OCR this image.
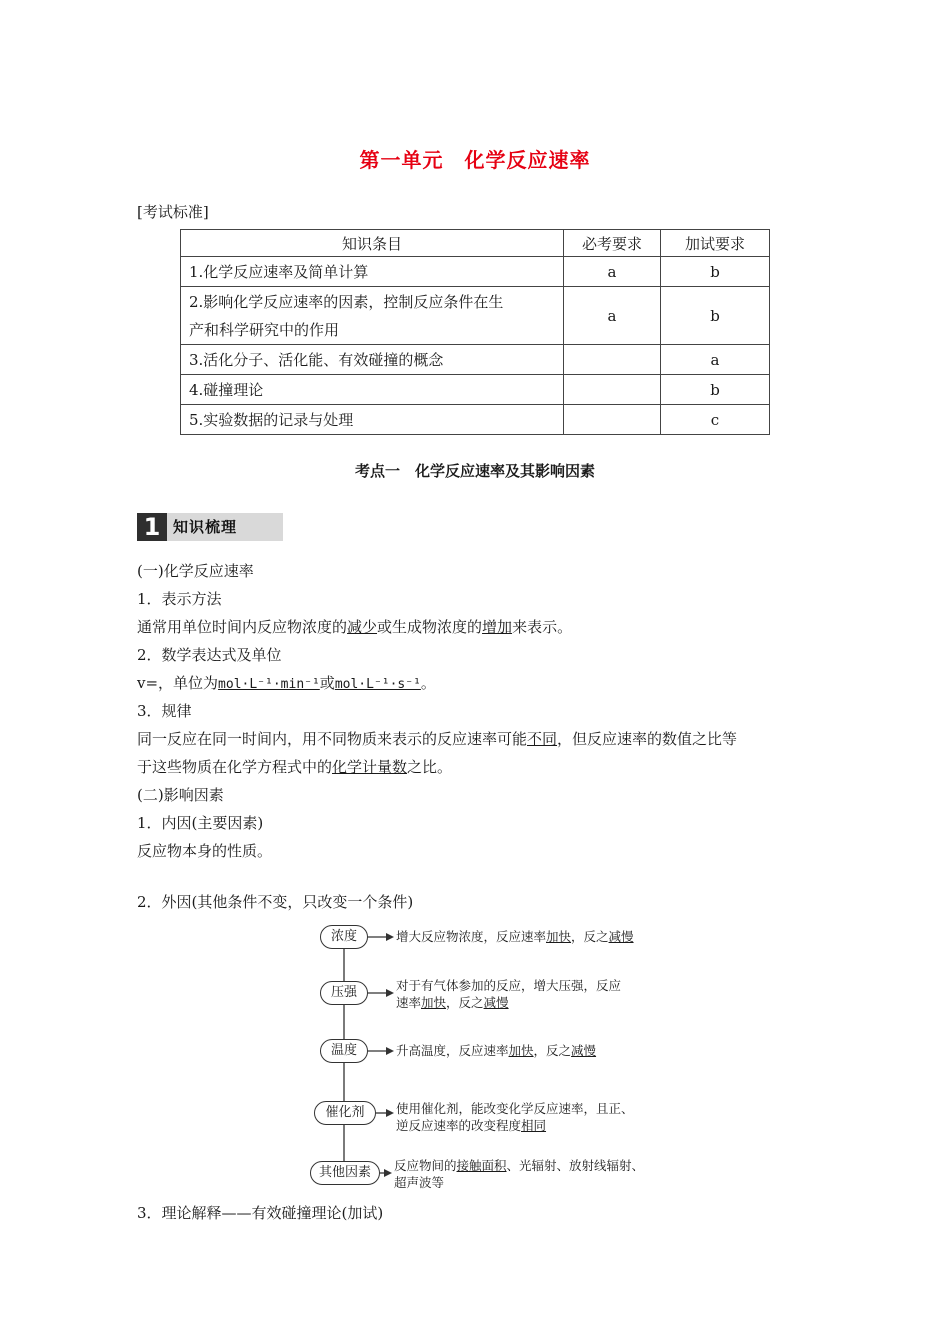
第一单元　化学反应速率
[考试标准]
知识条目	必考要求	加试要求
1.化学反应速率及简单计算	a	b
2.影响化学反应速率的因素，控制反应条件在生
产和科学研究中的作用	a	b
3.活化分子、活化能、有效碰撞的概念		a
4.碰撞理论		b
5.实验数据的记录与处理		c
考点一　化学反应速率及其影响因素
1 知识梳理
(一)化学反应速率
1．表示方法
通常用单位时间内反应物浓度的减少或生成物浓度的增加来表示。
2．数学表达式及单位
v=，单位为mol·L⁻¹·min⁻¹或mol·L⁻¹·s⁻¹。
3．规律
同一反应在同一时间内，用不同物质来表示的反应速率可能不同，但反应速率的数值之比等
于这些物质在化学方程式中的化学计量数之比。
(二)影响因素
1．内因(主要因素)
反应物本身的性质。
2．外因(其他条件不变，只改变一个条件)
浓度
压强
温度
催化剂
其他因素
增大反应物浓度，反应速率加快，反之减慢
对于有气体参加的反应，增大压强，反应
速率加快，反之减慢
升高温度，反应速率加快，反之减慢
使用催化剂，能改变化学反应速率，且正、
逆反应速率的改变程度相同
反应物间的接触面积、光辐射、放射线辐射、
超声波等
3．理论解释——有效碰撞理论(加试)
